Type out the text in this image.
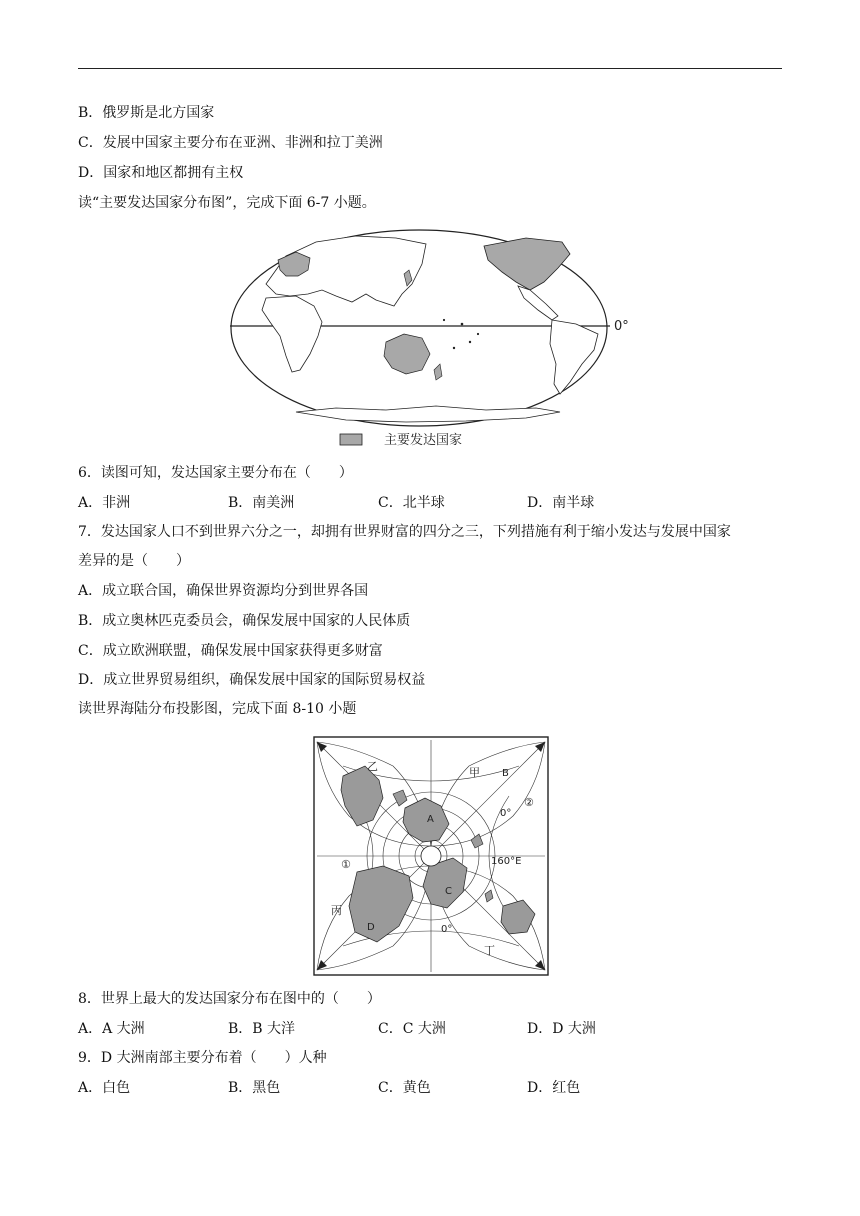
B．俄罗斯是北方国家
C．发展中国家主要分布在亚洲、非洲和拉丁美洲
D．国家和地区都拥有主权
读“主要发达国家分布图”，完成下面 6-7 小题。
0°
主要发达国家
6．读图可知，发达国家主要分布在（　　）
A．非洲	B．南美洲	C．北半球	D．南半球
7．发达国家人口不到世界六分之一，却拥有世界财富的四分之三，下列措施有利于缩小发达与发展中国家
差异的是（　　）
A．成立联合国，确保世界资源均分到世界各国
B．成立奥林匹克委员会，确保发展中国家的人民体质
C．成立欧洲联盟，确保发展中国家获得更多财富
D．成立世界贸易组织，确保发展中国家的国际贸易权益
读世界海陆分布投影图，完成下面 8-10 小题
乙	甲 B
A
0°
②
①	160°E
C
丙
D	0°
丁
8．世界上最大的发达国家分布在图中的（　　）
A．A 大洲	B．B 大洋	C．C 大洲	D．D 大洲
9．D 大洲南部主要分布着（　　）人种
A．白色	B．黑色	C．黄色	D．红色
